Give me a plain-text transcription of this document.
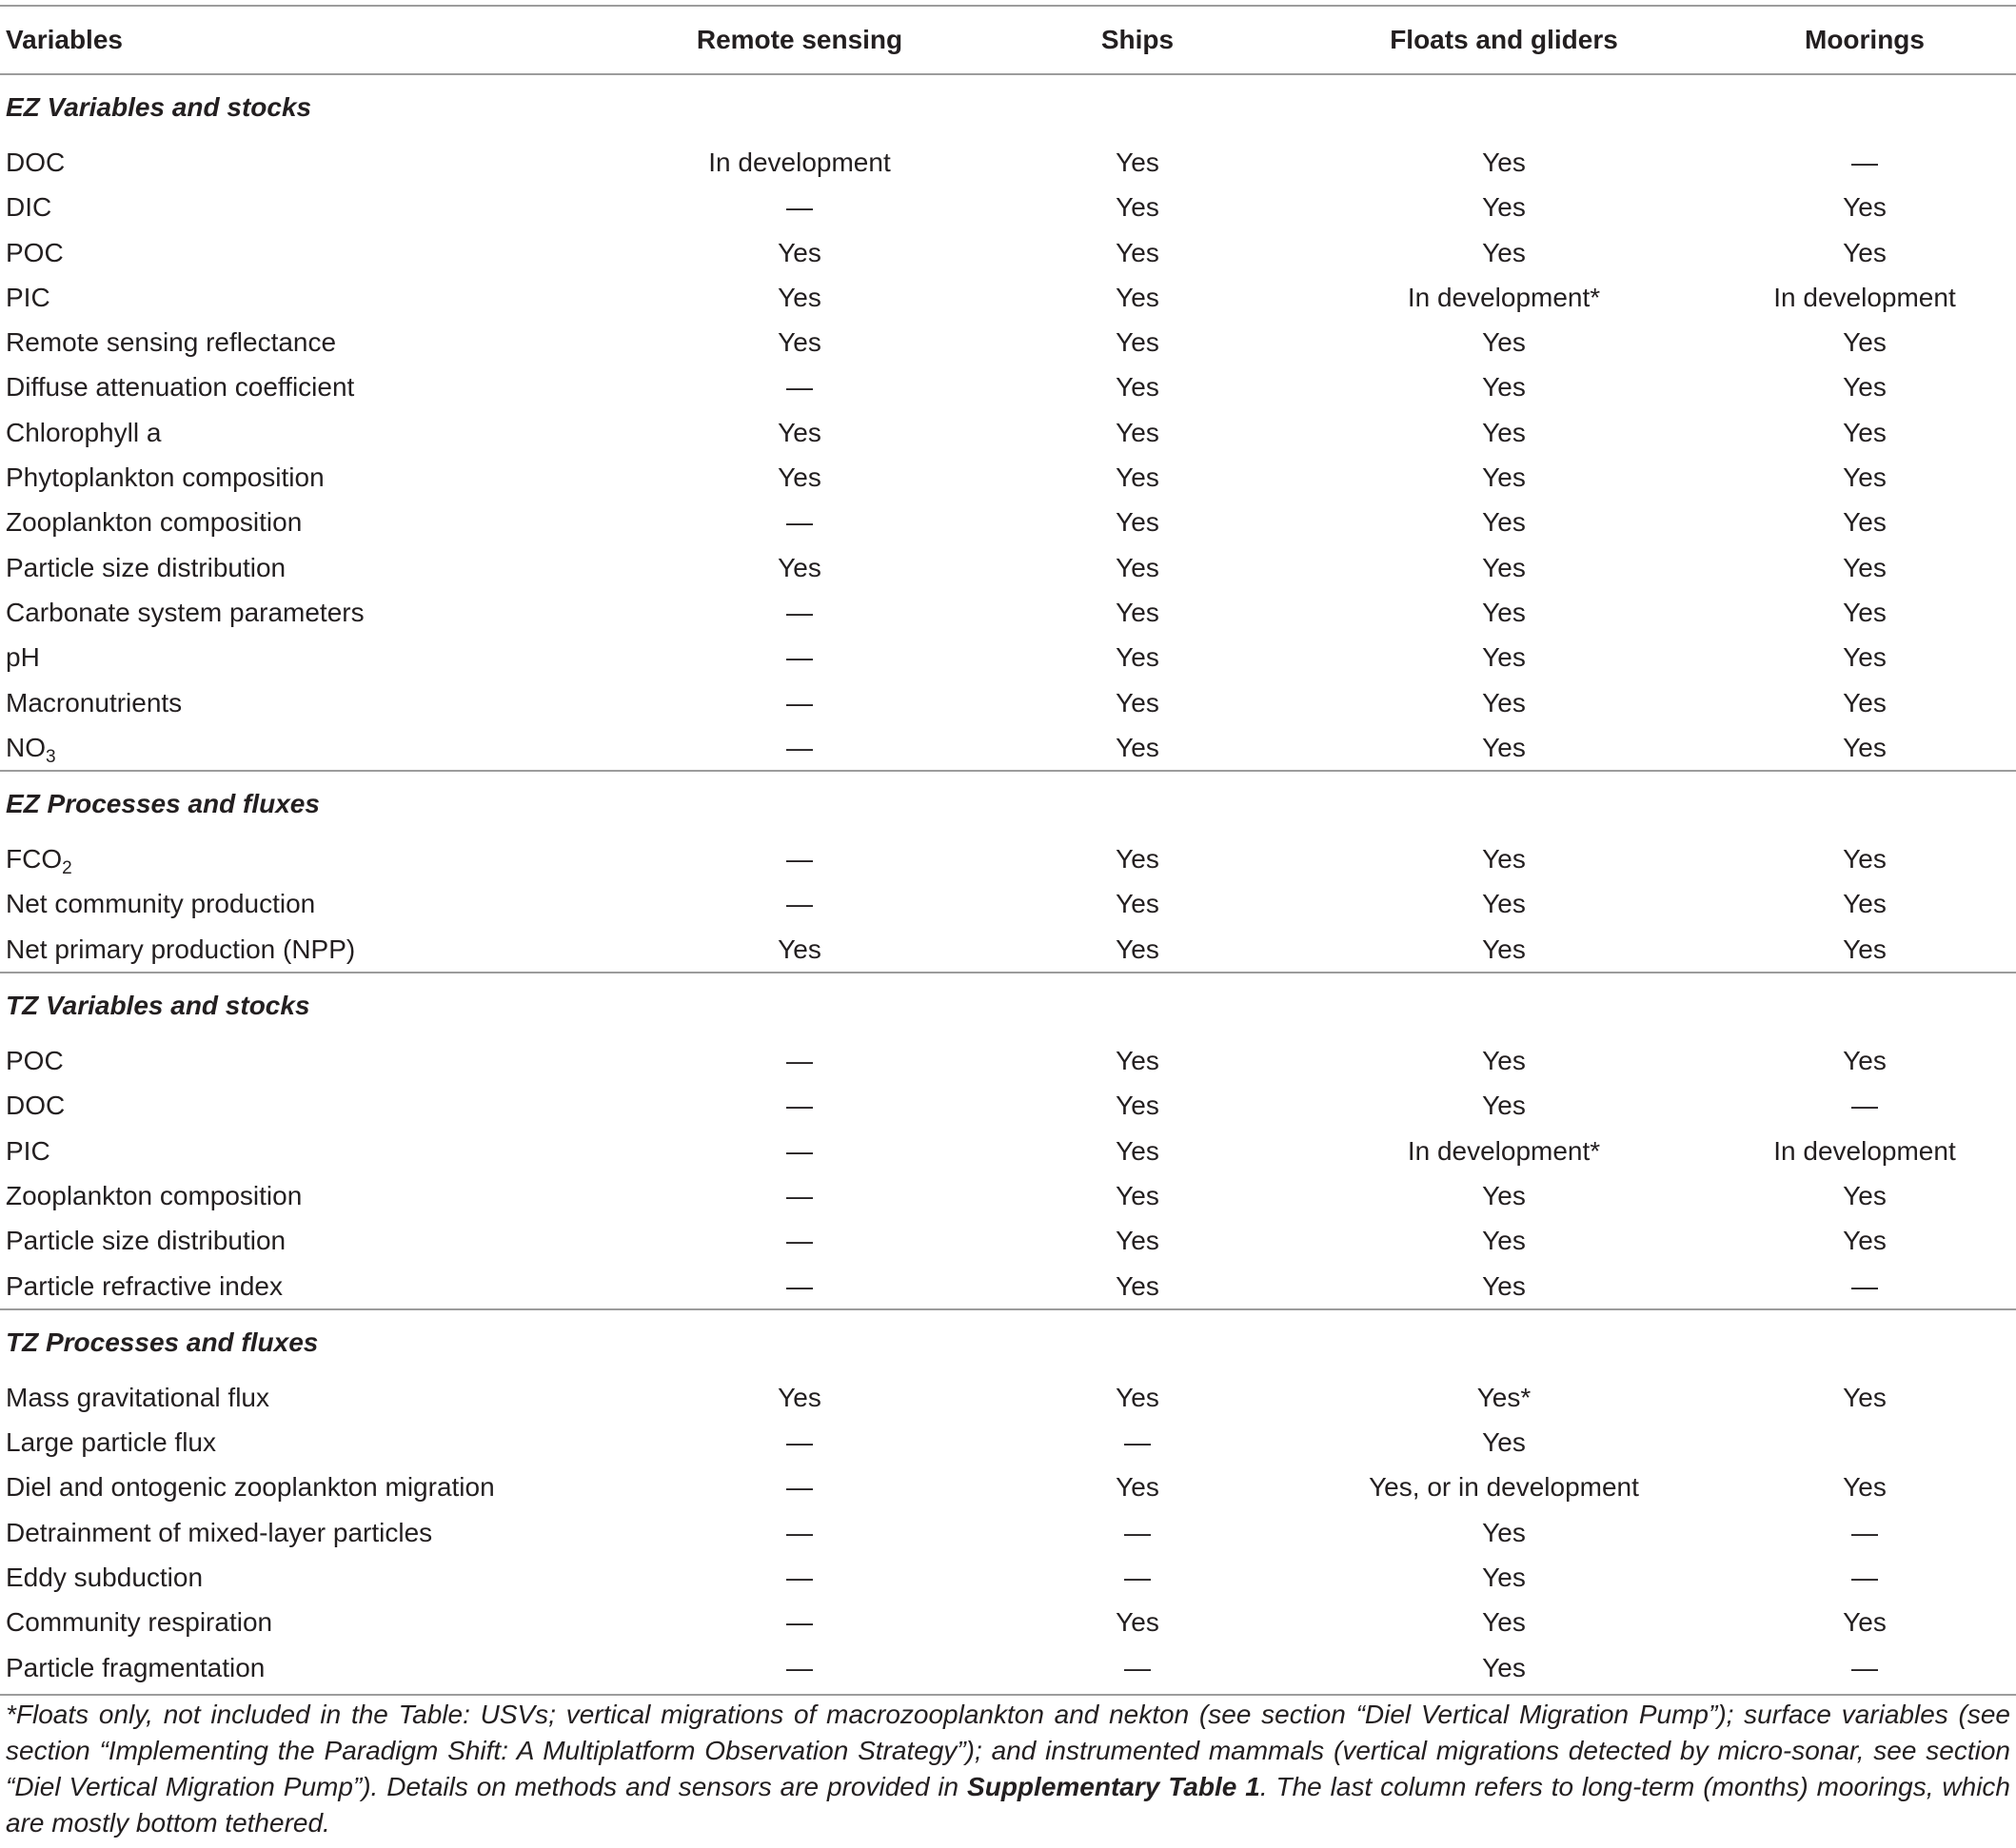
Variables	Remote sensing	Ships	Floats and gliders	Moorings
EZ Variables and stocks				
DOC	In development	Yes	Yes	—
DIC	—	Yes	Yes	Yes
POC	Yes	Yes	Yes	Yes
PIC	Yes	Yes	In development*	In development
Remote sensing reflectance	Yes	Yes	Yes	Yes
Diffuse attenuation coefficient	—	Yes	Yes	Yes
Chlorophyll a	Yes	Yes	Yes	Yes
Phytoplankton composition	Yes	Yes	Yes	Yes
Zooplankton composition	—	Yes	Yes	Yes
Particle size distribution	Yes	Yes	Yes	Yes
Carbonate system parameters	—	Yes	Yes	Yes
pH	—	Yes	Yes	Yes
Macronutrients	—	Yes	Yes	Yes
$NO_3$	—	Yes	Yes	Yes
EZ Processes and fluxes				
$FCO_2$	—	Yes	Yes	Yes
Net community production	—	Yes	Yes	Yes
Net primary production (NPP)	Yes	Yes	Yes	Yes
TZ Variables and stocks				
POC	—	Yes	Yes	Yes
DOC	—	Yes	Yes	—
PIC	—	Yes	In development*	In development
Zooplankton composition	—	Yes	Yes	Yes
Particle size distribution	—	Yes	Yes	Yes
Particle refractive index	—	Yes	Yes	—
TZ Processes and fluxes				
Mass gravitational flux	Yes	Yes	Yes*	Yes
Large particle flux	—	—	Yes	
Diel and ontogenic zooplankton migration	—	Yes	Yes, or in development	Yes
Detrainment of mixed-layer particles	—	—	Yes	—
Eddy subduction	—	—	Yes	—
Community respiration	—	Yes	Yes	Yes
Particle fragmentation	—	—	Yes	—
*Floats only, not included in the Table: USVs; vertical migrations of macrozooplankton and nekton (see section “Diel Vertical Migration Pump”); surface variables (see section “Implementing the Paradigm Shift: A Multiplatform Observation Strategy”); and instrumented mammals (vertical migrations detected by micro-sonar, see section “Diel Vertical Migration Pump”). Details on methods and sensors are provided in Supplementary Table 1. The last column refers to long-term (months) moorings, which are mostly bottom tethered.
